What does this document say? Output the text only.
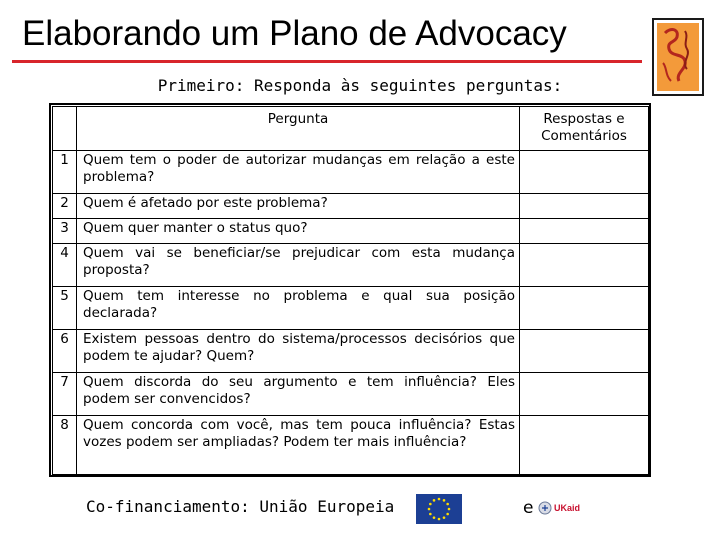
Elaborando um Plano de Advocacy
Primeiro: Responda às seguintes perguntas:
	Pergunta	Respostas e Comentários
1	Quem tem o poder de autorizar mudanças em relação a este problema?	
2	Quem é afetado por este problema?	
3	Quem quer manter o status quo?	
4	Quem vai se beneficiar/se prejudicar com esta mudança proposta?	
5	Quem tem interesse no problema e qual sua posição declarada?	
6	Existem pessoas dentro do sistema/processos decisórios que podem te ajudar? Quem?	
7	Quem discorda do seu argumento e tem influência? Eles podem ser convencidos?	
8	Quem concorda com você, mas tem pouca influência? Estas vozes podem ser ampliadas? Podem ter mais influência?	
Co-financiamento: União Europeia	e UKaid
